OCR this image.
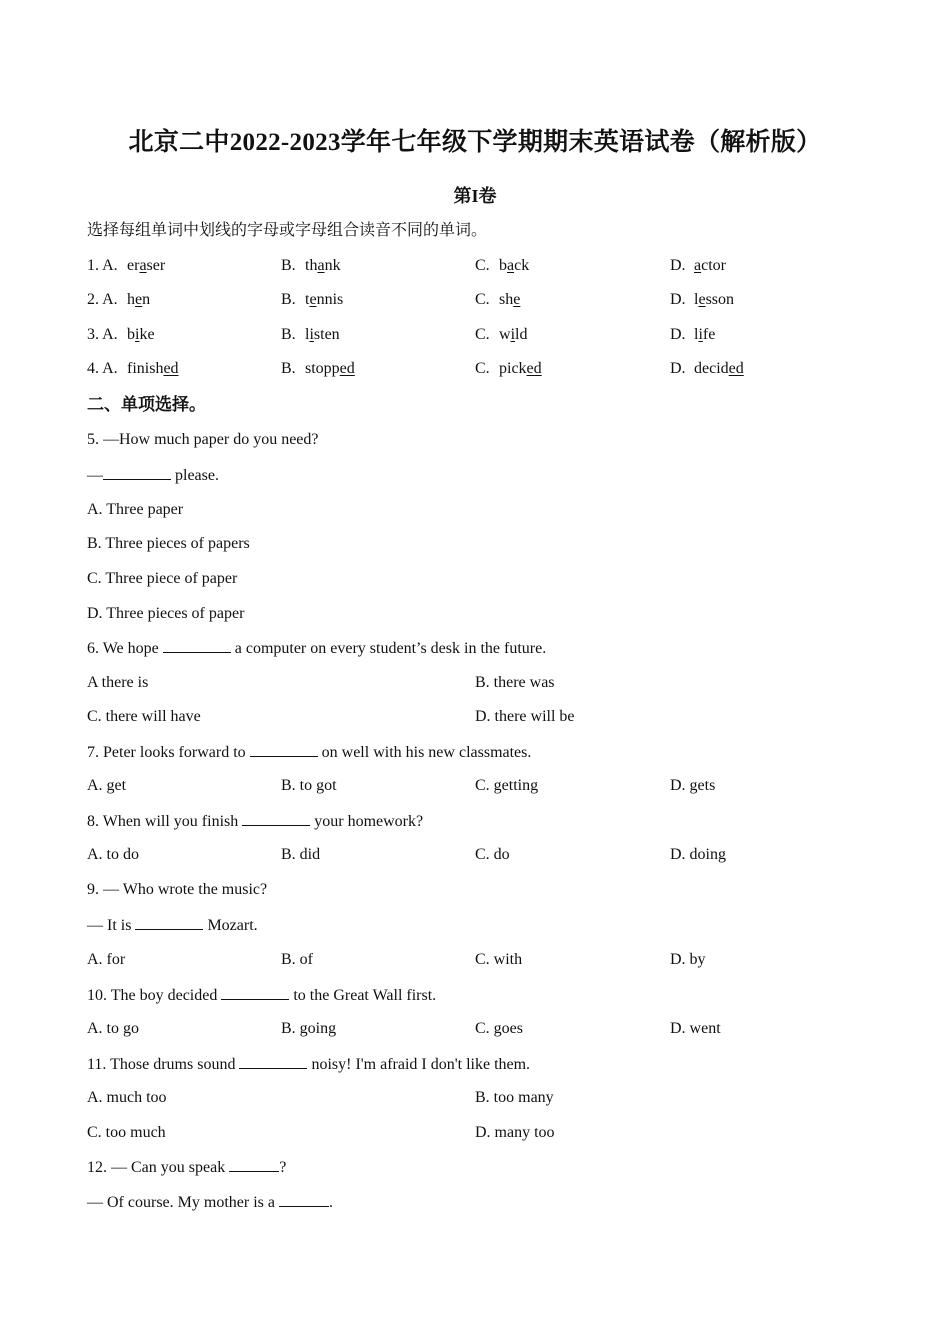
北京二中2022-2023学年七年级下学期期末英语试卷（解析版）
第I卷
选择每组单词中划线的字母或字母组合读音不同的单词。
1. A. eraser	B. thank	C. back	D. actor
2. A. hen	B. tennis	C. she	D. lesson
3. A. bike	B. listen	C. wild	D. life
4. A. finished	B. stopped	C. picked	D. decided
二、单项选择。
5. —How much paper do you need?
—	please.
A. Three paper
B. Three pieces of papers
C. Three piece of paper
D. Three pieces of paper
6. We hope	a computer on every student’s desk in the future.
A there is	B. there was
C. there will have	D. there will be
7. Peter looks forward to	on well with his new classmates.
A. get	B. to got	C. getting	D. gets
8. When will you finish	your homework?
A. to do	B. did	C. do	D. doing
9. — Who wrote the music?
— It is	Mozart.
A. for	B. of	C. with	D. by
10. The boy decided	to the Great Wall first.
A. to go	B. going	C. goes	D. went
11. Those drums sound	noisy! I'm afraid I don't like them.
A. much too	B. too many
C. too much	D. many too
12. — Can you speak	?
— Of course. My mother is a	.
